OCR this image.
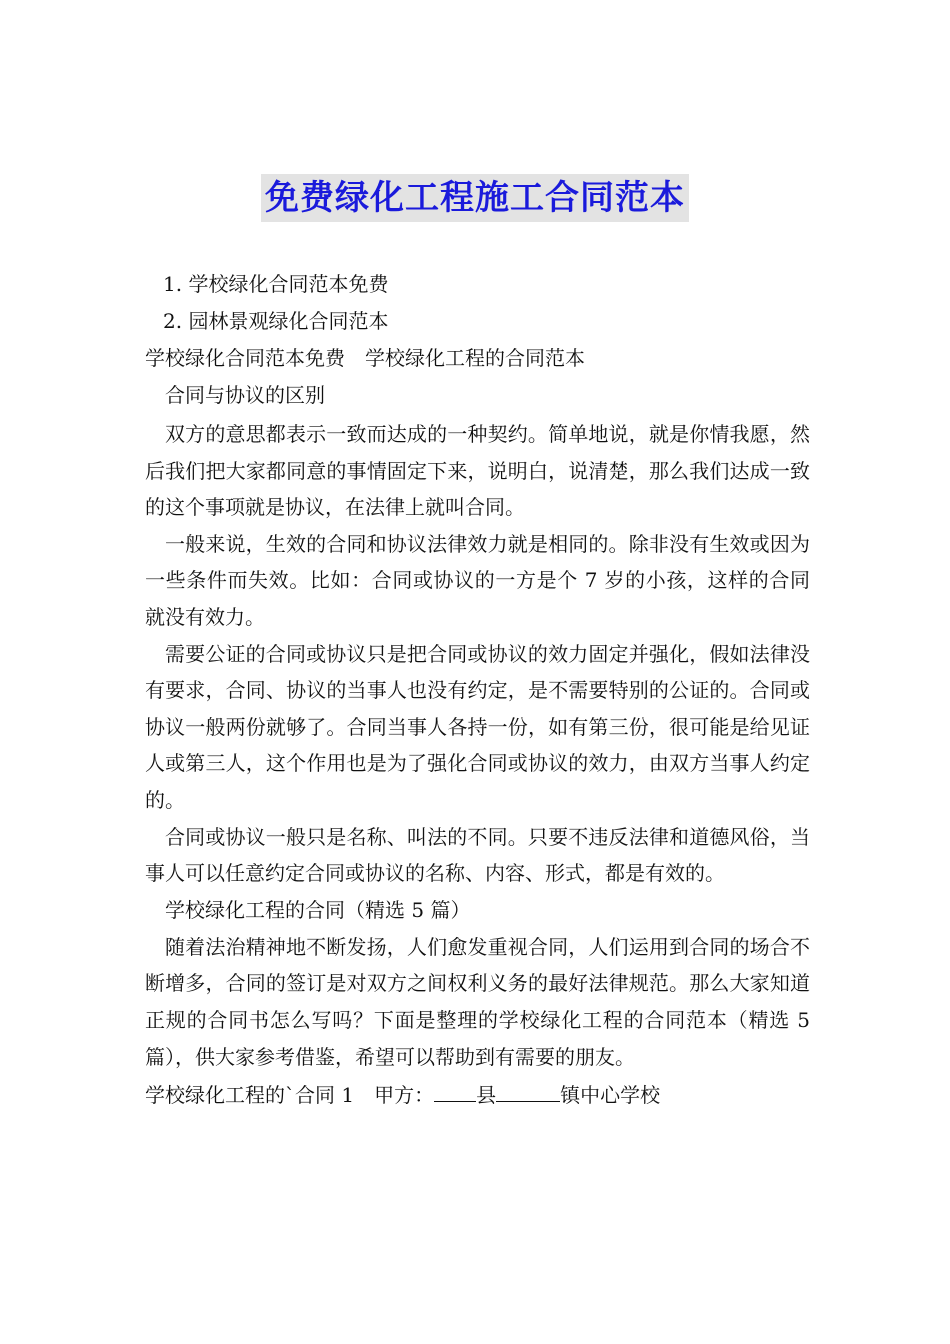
免费绿化工程施工合同范本
1. 学校绿化合同范本免费
2. 园林景观绿化合同范本
学校绿化合同范本免费　学校绿化工程的合同范本
合同与协议的区别
双方的意思都表示一致而达成的一种契约。简单地说，就是你情我愿，然后我们把大家都同意的事情固定下来，说明白，说清楚，那么我们达成一致的这个事项就是协议，在法律上就叫合同。
一般来说，生效的合同和协议法律效力就是相同的。除非没有生效或因为一些条件而失效。比如：合同或协议的一方是个 7 岁的小孩，这样的合同就没有效力。
需要公证的合同或协议只是把合同或协议的效力固定并强化，假如法律没有要求，合同、协议的当事人也没有约定，是不需要特别的公证的。合同或协议一般两份就够了。合同当事人各持一份，如有第三份，很可能是给见证人或第三人，这个作用也是为了强化合同或协议的效力，由双方当事人约定的。
合同或协议一般只是名称、叫法的不同。只要不违反法律和道德风俗，当事人可以任意约定合同或协议的名称、内容、形式，都是有效的。
学校绿化工程的合同（精选 5 篇）
随着法治精神地不断发扬，人们愈发重视合同，人们运用到合同的场合不断增多，合同的签订是对双方之间权利义务的最好法律规范。那么大家知道正规的合同书怎么写吗？下面是整理的学校绿化工程的合同范本（精选 5 篇），供大家参考借鉴，希望可以帮助到有需要的朋友。
学校绿化工程的`合同 1　甲方： 县	镇中心学校
